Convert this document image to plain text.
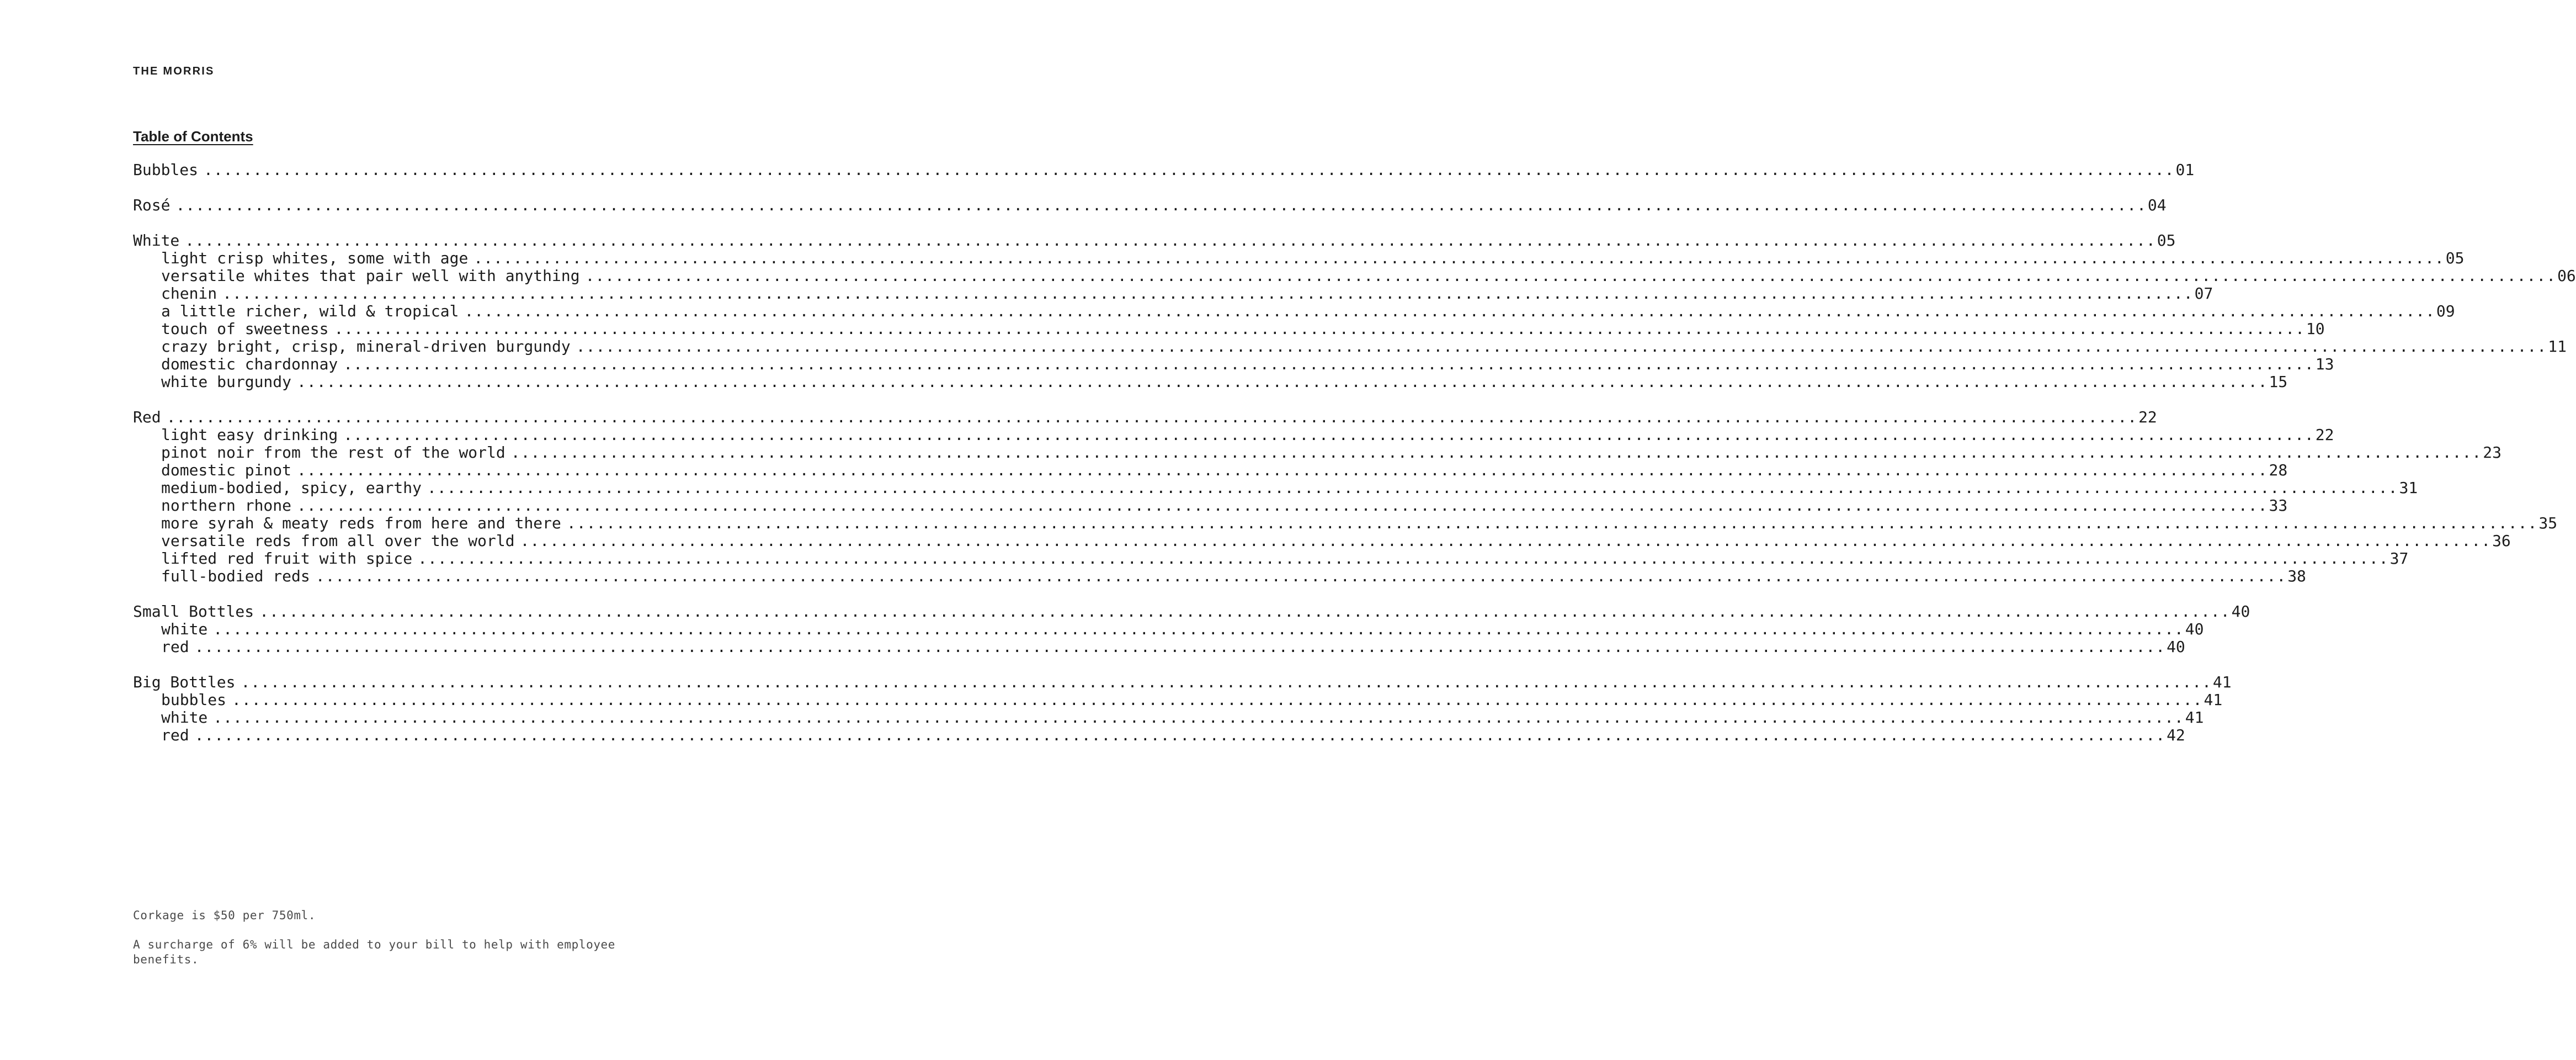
THE MORRIS
Table of Contents
Bubbles ........................................................................................................................................................................................................ 01
Rosé ........................................................................................................................................................................................................ 04
White ........................................................................................................................................................................................................ 05
light crisp whites, some with age ........................................................................................................................................................................................................ 05
versatile whites that pair well with anything ........................................................................................................................................................................................................ 06
chenin ........................................................................................................................................................................................................ 07
a little richer, wild & tropical ........................................................................................................................................................................................................ 09
touch of sweetness ........................................................................................................................................................................................................ 10
crazy bright, crisp, mineral-driven burgundy ........................................................................................................................................................................................................ 11
domestic chardonnay ........................................................................................................................................................................................................ 13
white burgundy ........................................................................................................................................................................................................ 15
Red ........................................................................................................................................................................................................ 22
light easy drinking ........................................................................................................................................................................................................ 22
pinot noir from the rest of the world ........................................................................................................................................................................................................ 23
domestic pinot ........................................................................................................................................................................................................ 28
medium-bodied, spicy, earthy ........................................................................................................................................................................................................ 31
northern rhone ........................................................................................................................................................................................................ 33
more syrah & meaty reds from here and there ........................................................................................................................................................................................................ 35
versatile reds from all over the world ........................................................................................................................................................................................................ 36
lifted red fruit with spice ........................................................................................................................................................................................................ 37
full-bodied reds ........................................................................................................................................................................................................ 38
Small Bottles ........................................................................................................................................................................................................ 40
white ........................................................................................................................................................................................................ 40
red ........................................................................................................................................................................................................ 40
Big Bottles ........................................................................................................................................................................................................ 41
bubbles ........................................................................................................................................................................................................ 41
white ........................................................................................................................................................................................................ 41
red ........................................................................................................................................................................................................ 42

Corkage is $50 per 750ml.

A surcharge of 6% will be added to your bill to help with employee benefits.
